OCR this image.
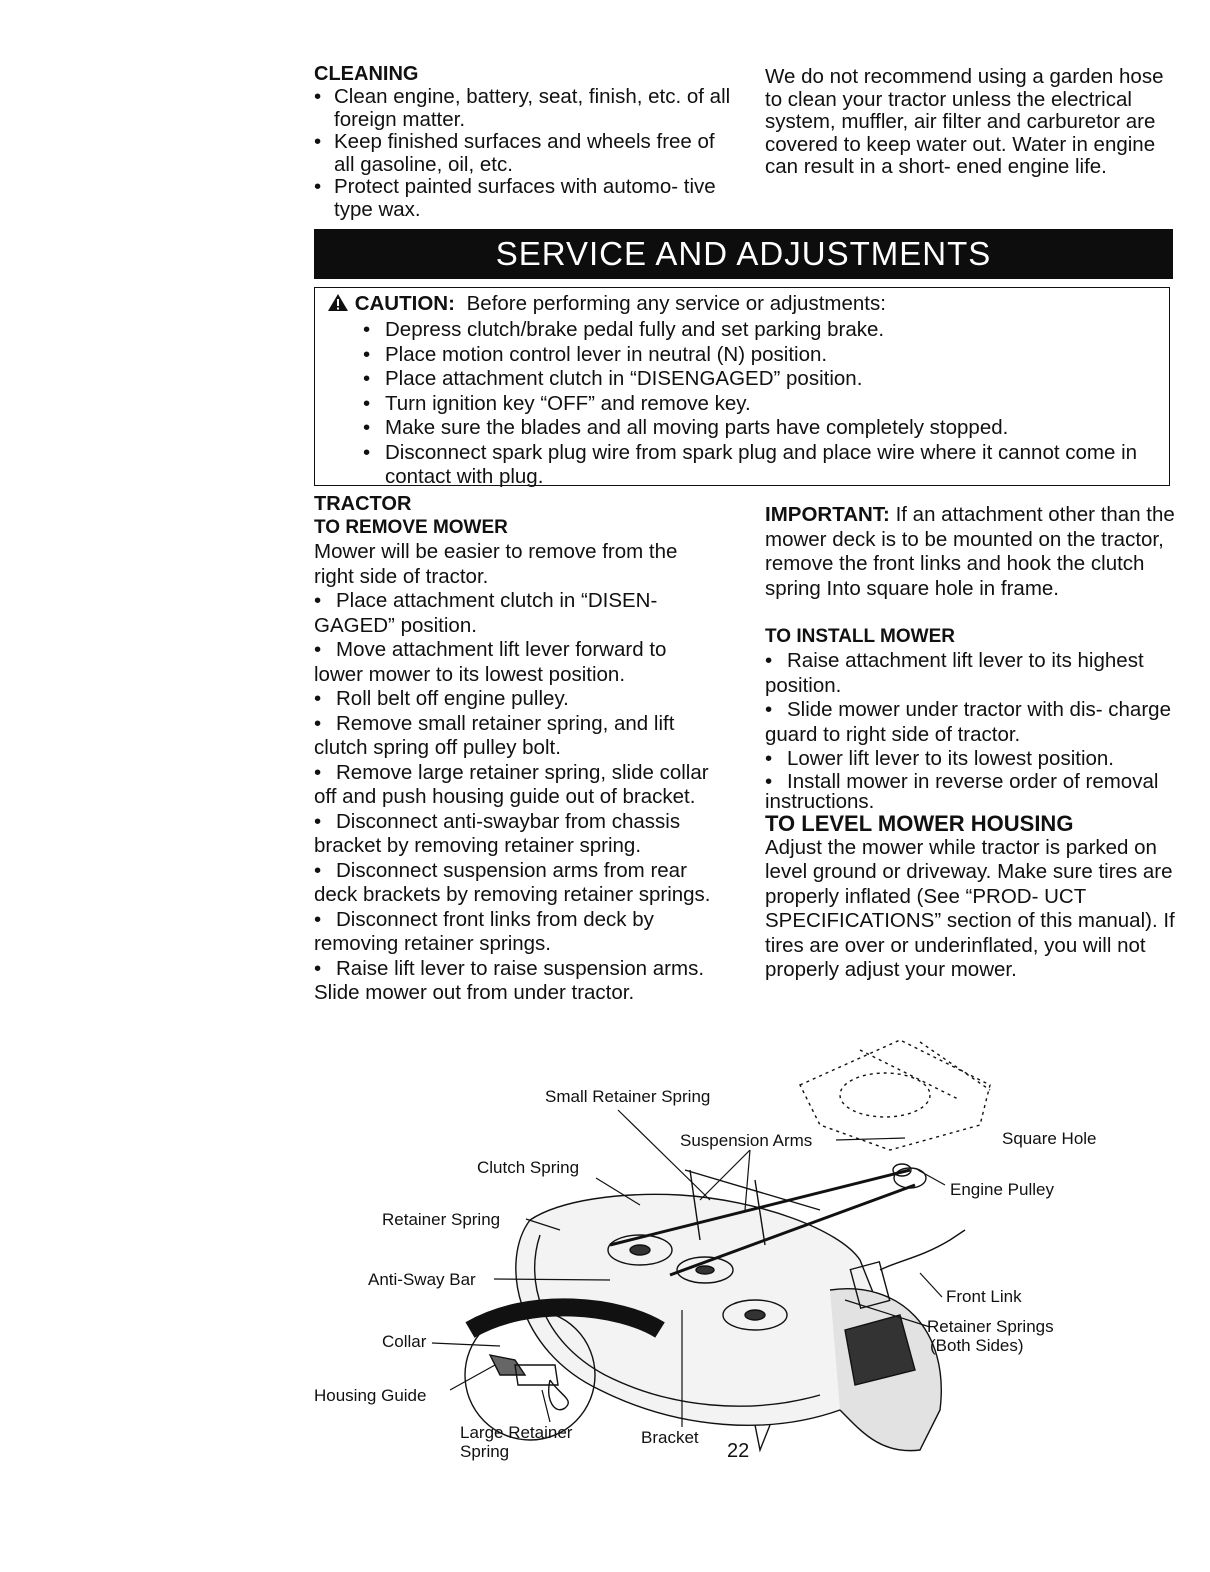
CLEANING

• Clean engine, battery, seat, finish, etc. of all foreign matter.

• Keep finished surfaces and wheels free of all gasoline, oil, etc.

• Protect painted surfaces with automo- tive type wax.

We do not recommend using a garden hose to clean your tractor unless the electrical system, muffler, air filter and carburetor are covered to keep water out. Water in engine can result in a short- ened engine life.

SERVICE AND ADJUSTMENTS
CAUTION: Before performing any service or adjustments:
• Depress clutch/brake pedal fully and set parking brake.
• Place motion control lever in neutral (N) position.
• Place attachment clutch in “DISENGAGED” position.
• Turn ignition key “OFF” and remove key.
• Make sure the blades and all moving parts have completely stopped.
• Disconnect spark plug wire from spark plug and place wire where it cannot come in contact with plug.
TRACTOR
TO REMOVE MOWER

Mower will be easier to remove from the right side of tractor.

• Place attachment clutch in “DISEN- GAGED” position.

• Move attachment lift lever forward to lower mower to its lowest position.

• Roll belt off engine pulley.

• Remove small retainer spring, and lift clutch spring off pulley bolt.

• Remove large retainer spring, slide collar off and push housing guide out of bracket.

• Disconnect anti-swaybar from chassis bracket by removing retainer spring.

• Disconnect suspension arms from rear deck brackets by removing retainer springs.

• Disconnect front links from deck by removing retainer springs.

• Raise lift lever to raise suspension arms. Slide mower out from under tractor.

IMPORTANT: If an attachment other than the mower deck is to be mounted on the tractor, remove the front links and hook the clutch spring Into square hole in frame.

TO INSTALL MOWER

• Raise attachment lift lever to its highest position.

• Slide mower under tractor with dis- charge guard to right side of tractor.

• Lower lift lever to its lowest position.

• Install mower in reverse order of removal instructions.

TO LEVEL MOWER HOUSING

Adjust the mower while tractor is parked on level ground or driveway. Make sure tires are properly inflated (See “PROD- UCT SPECIFICATIONS” section of this manual). If tires are over or underinflated, you will not properly adjust your mower.

Small Retainer Spring
Suspension Arms	Square Hole
Clutch Spring
Engine Pulley
Retainer Spring
Anti-Sway Bar
Front Link
Retainer Springs
(Both Sides)
Collar
Housing Guide
Large Retainer
Spring
Bracket
22
